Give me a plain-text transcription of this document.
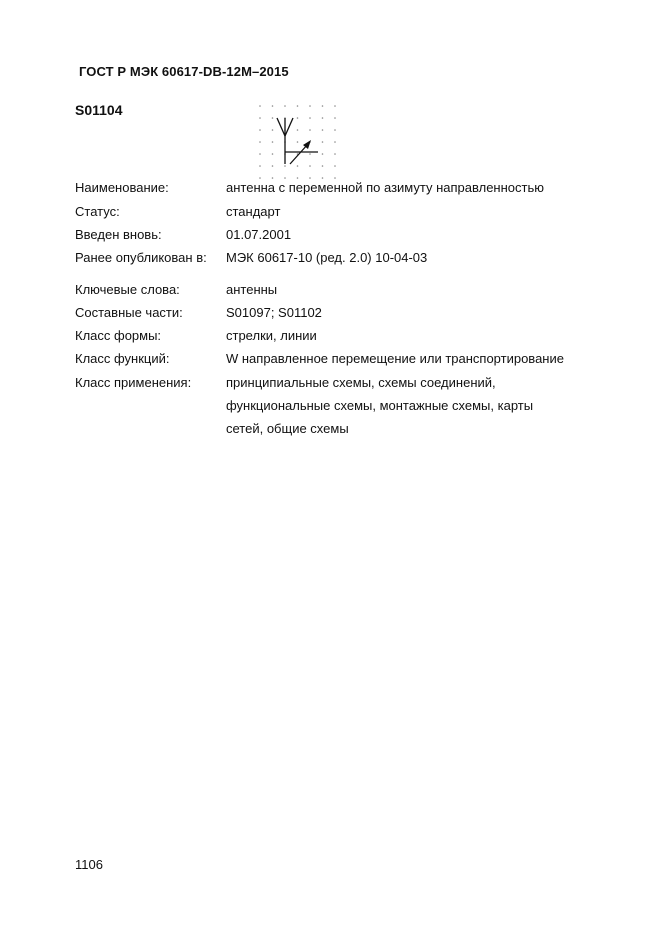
ГОСТ Р МЭК 60617-DB-12M–2015
S01104
Наименование:	антенна с переменной по азимуту направленностью
Статус:	стандарт
Введен вновь:	01.07.2001
Ранее опубликован в: МЭК 60617-10 (ред. 2.0) 10-04-03
Ключевые слова:	антенны
Составные части:	S01097; S01102
Класс формы:	стрелки, линии
Класс функций:	W направленное перемещение или транспортирование
Класс применения:	принципиальные схемы, схемы соединений,
функциональные схемы, монтажные схемы, карты
сетей, общие схемы
1106
